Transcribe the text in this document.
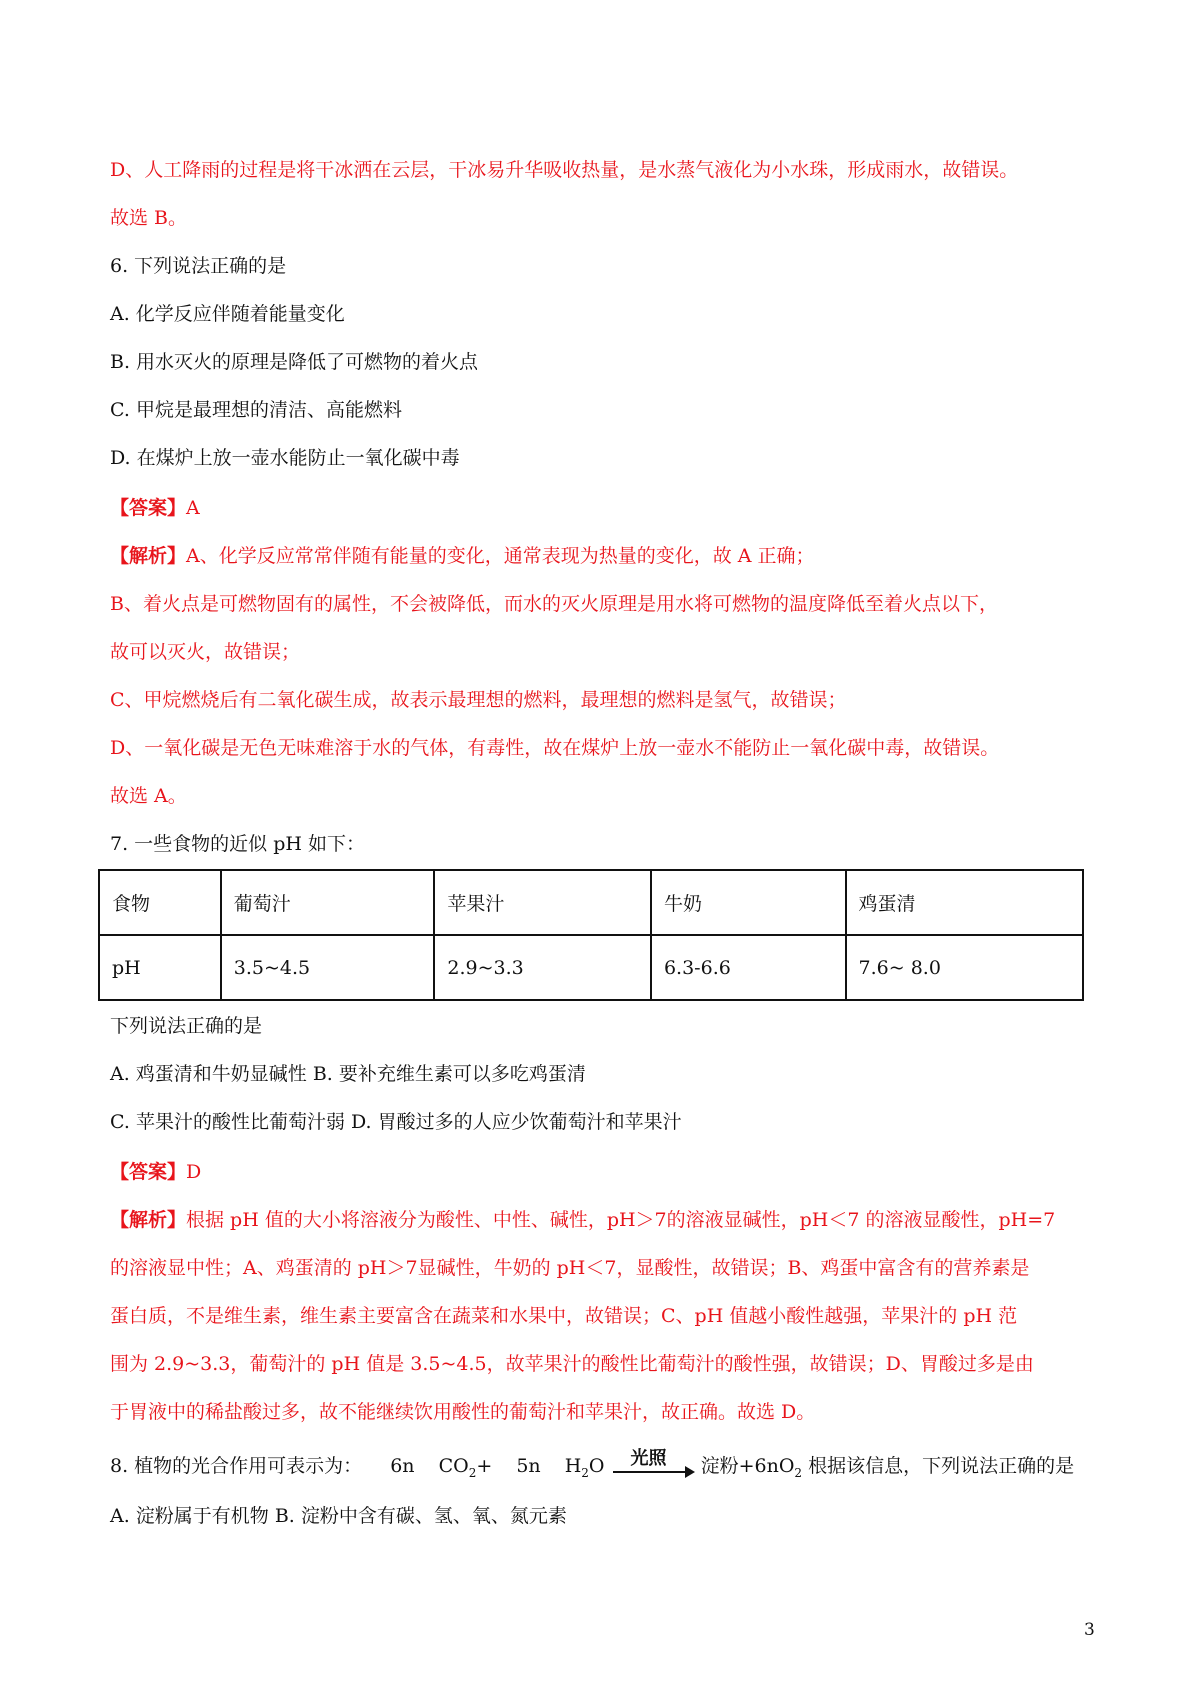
D、人工降雨的过程是将干冰洒在云层，干冰易升华吸收热量，是水蒸气液化为小水珠，形成雨水，故错误。
故选 B。
6. 下列说法正确的是
A. 化学反应伴随着能量变化
B. 用水灭火的原理是降低了可燃物的着火点
C. 甲烷是最理想的清洁、高能燃料
D. 在煤炉上放一壶水能防止一氧化碳中毒
【答案】A
【解析】A、化学反应常常伴随有能量的变化，通常表现为热量的变化，故 A 正确；
B、着火点是可燃物固有的属性，不会被降低，而水的灭火原理是用水将可燃物的温度降低至着火点以下，
故可以灭火，故错误；
C、甲烷燃烧后有二氧化碳生成，故表示最理想的燃料，最理想的燃料是氢气，故错误；
D、一氧化碳是无色无味难溶于水的气体，有毒性，故在煤炉上放一壶水不能防止一氧化碳中毒，故错误。
故选 A。
7. 一些食物的近似 pH 如下：
食物	葡萄汁	苹果汁	牛奶	鸡蛋清
pH	3.5~4.5	2.9~3.3	6.3-6.6	7.6~ 8.0
下列说法正确的是
A. 鸡蛋清和牛奶显碱性 B. 要补充维生素可以多吃鸡蛋清
C. 苹果汁的酸性比葡萄汁弱 D. 胃酸过多的人应少饮葡萄汁和苹果汁
【答案】D
【解析】根据 pH 值的大小将溶液分为酸性、中性、碱性，pH＞7的溶液显碱性，pH＜7 的溶液显酸性，pH=7
的溶液显中性；A、鸡蛋清的 pH＞7显碱性，牛奶的 pH＜7，显酸性，故错误；B、鸡蛋中富含有的营养素是
蛋白质，不是维生素，维生素主要富含在蔬菜和水果中，故错误；C、pH 值越小酸性越强，苹果汁的 pH 范
围为 2.9~3.3，葡萄汁的 pH 值是 3.5~4.5，故苹果汁的酸性比葡萄汁的酸性强，故错误；D、胃酸过多是由
于胃液中的稀盐酸过多，故不能继续饮用酸性的葡萄汁和苹果汁，故正确。故选 D。
8. 植物的光合作用可表示为： 6n $CO_2+ 5n$ $H_2O$ 光照 淀粉$+6nO_2$ 根据该信息，下列说法正确的是
A. 淀粉属于有机物 B. 淀粉中含有碳、氢、氧、氮元素
3
